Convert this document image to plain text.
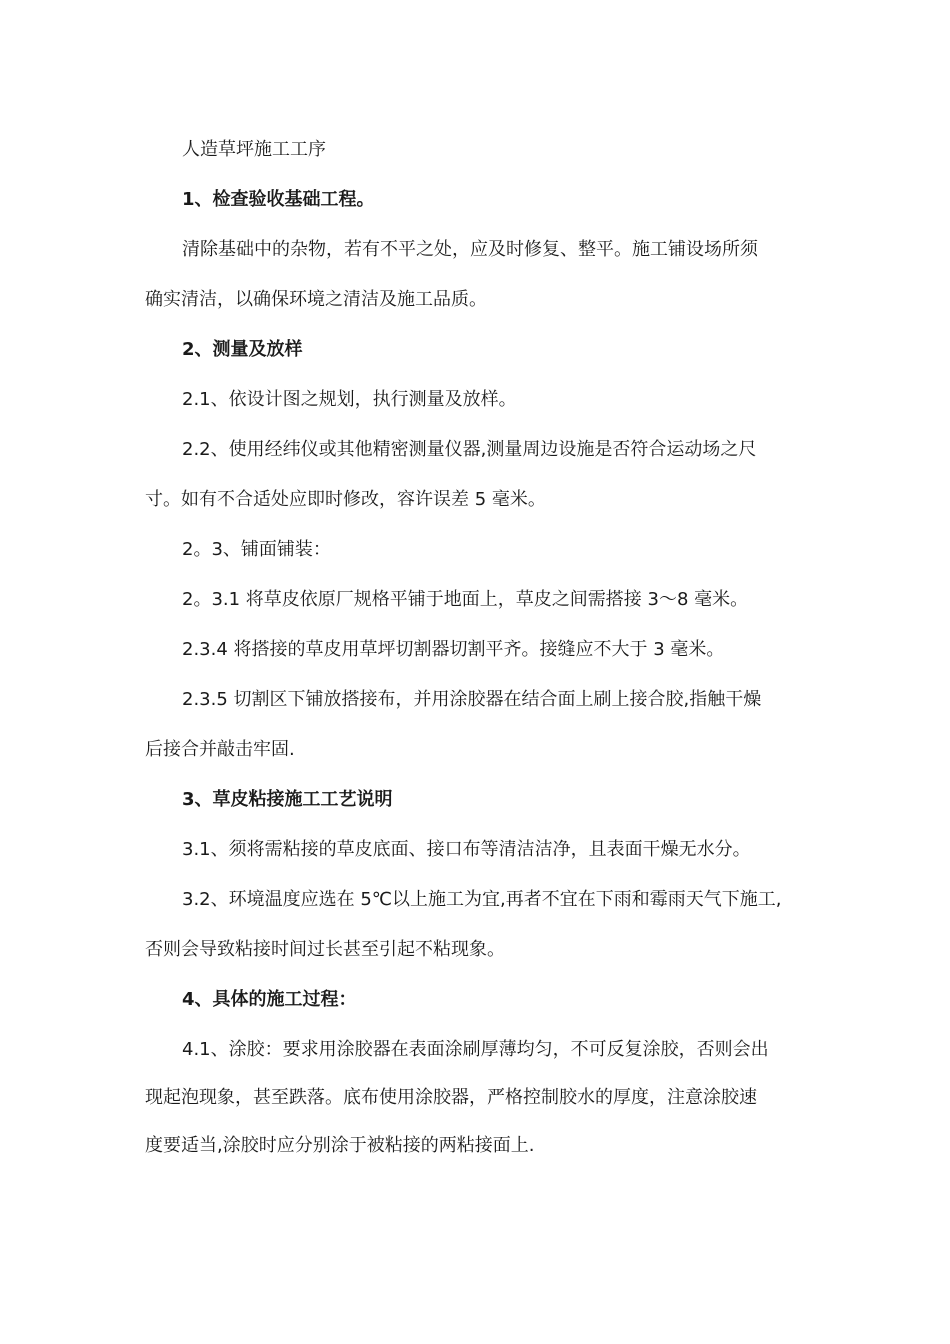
人造草坪施工工序
1、检查验收基础工程。
清除基础中的杂物，若有不平之处，应及时修复、整平。施工铺设场所须
确实清洁，以确保环境之清洁及施工品质。
2、测量及放样
2.1、依设计图之规划，执行测量及放样。
2.2、使用经纬仪或其他精密测量仪器,测量周边设施是否符合运动场之尺
寸。如有不合适处应即时修改，容许误差 5 毫米。
2。3、铺面铺装：
2。3.1 将草皮依原厂规格平铺于地面上，草皮之间需搭接 3～8 毫米。
2.3.4 将搭接的草皮用草坪切割器切割平齐。接缝应不大于 3 毫米。
2.3.5 切割区下铺放搭接布，并用涂胶器在结合面上刷上接合胶,指触干燥
后接合并敲击牢固.
3、草皮粘接施工工艺说明
3.1、须将需粘接的草皮底面、接口布等清洁洁净，且表面干燥无水分。
3.2、环境温度应选在 5℃以上施工为宜,再者不宜在下雨和霉雨天气下施工,
否则会导致粘接时间过长甚至引起不粘现象。
4、具体的施工过程：
4.1、涂胶：要求用涂胶器在表面涂刷厚薄均匀，不可反复涂胶，否则会出
现起泡现象，甚至跌落。底布使用涂胶器，严格控制胶水的厚度，注意涂胶速
度要适当,涂胶时应分别涂于被粘接的两粘接面上.
